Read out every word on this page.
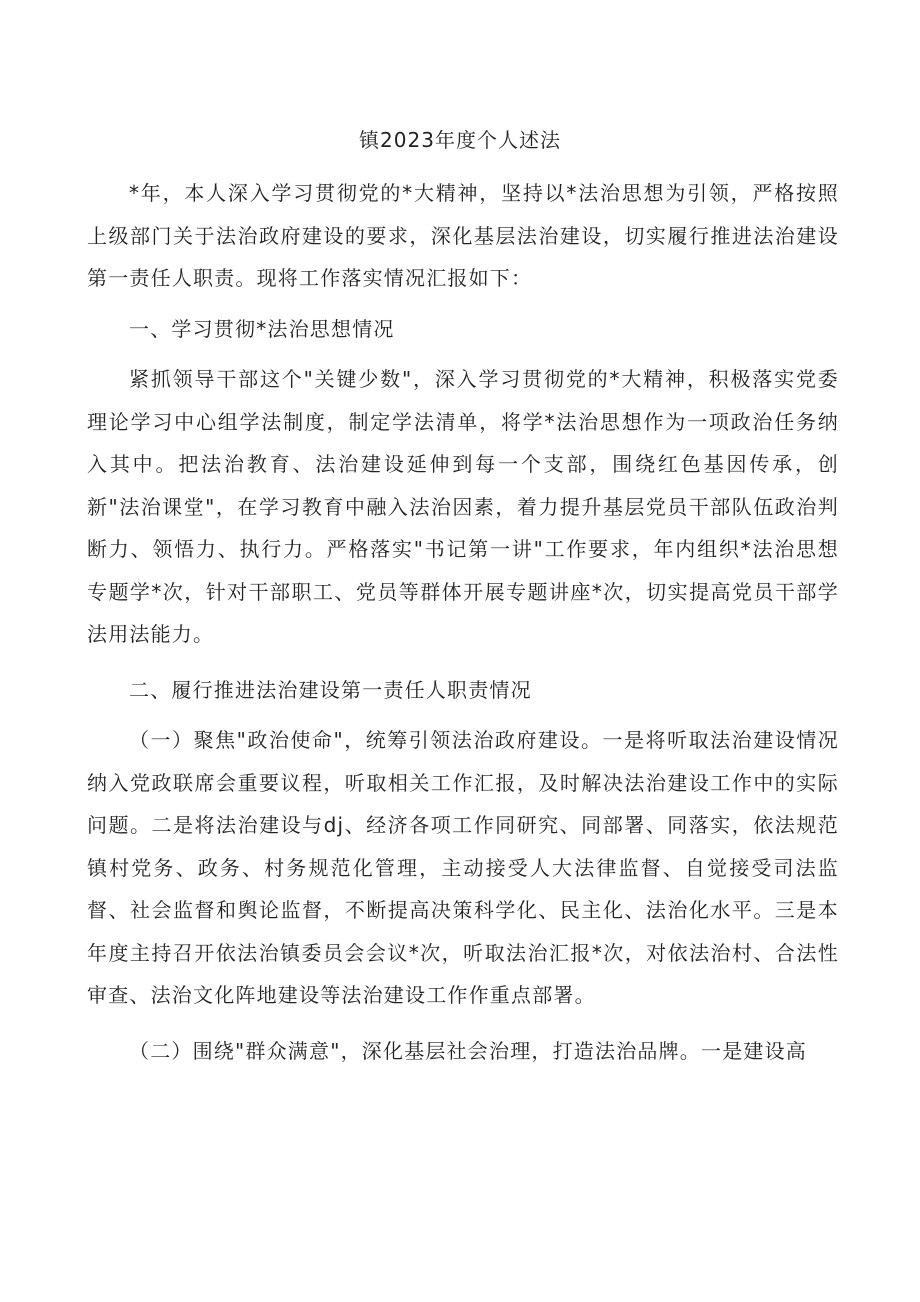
镇2023年度个人述法

*年，本人深入学习贯彻党的*大精神，坚持以*法治思想为引领，严格按照上级部门关于法治政府建设的要求，深化基层法治建设，切实履行推进法治建设第一责任人职责。现将工作落实情况汇报如下：

一、学习贯彻*法治思想情况

紧抓领导干部这个"关键少数"，深入学习贯彻党的*大精神，积极落实党委理论学习中心组学法制度，制定学法清单，将学*法治思想作为一项政治任务纳入其中。把法治教育、法治建设延伸到每一个支部，围绕红色基因传承，创新"法治课堂"，在学习教育中融入法治因素，着力提升基层党员干部队伍政治判断力、领悟力、执行力。严格落实"书记第一讲"工作要求，年内组织*法治思想专题学*次，针对干部职工、党员等群体开展专题讲座*次，切实提高党员干部学法用法能力。

二、履行推进法治建设第一责任人职责情况

（一）聚焦"政治使命"，统筹引领法治政府建设。一是将听取法治建设情况纳入党政联席会重要议程，听取相关工作汇报，及时解决法治建设工作中的实际问题。二是将法治建设与dj、经济各项工作同研究、同部署、同落实，依法规范镇村党务、政务、村务规范化管理，主动接受人大法律监督、自觉接受司法监督、社会监督和舆论监督，不断提高决策科学化、民主化、法治化水平。三是本年度主持召开依法治镇委员会会议*次，听取法治汇报*次，对依法治村、合法性审查、法治文化阵地建设等法治建设工作作重点部署。

（二）围绕"群众满意"，深化基层社会治理，打造法治品牌。一是建设高
